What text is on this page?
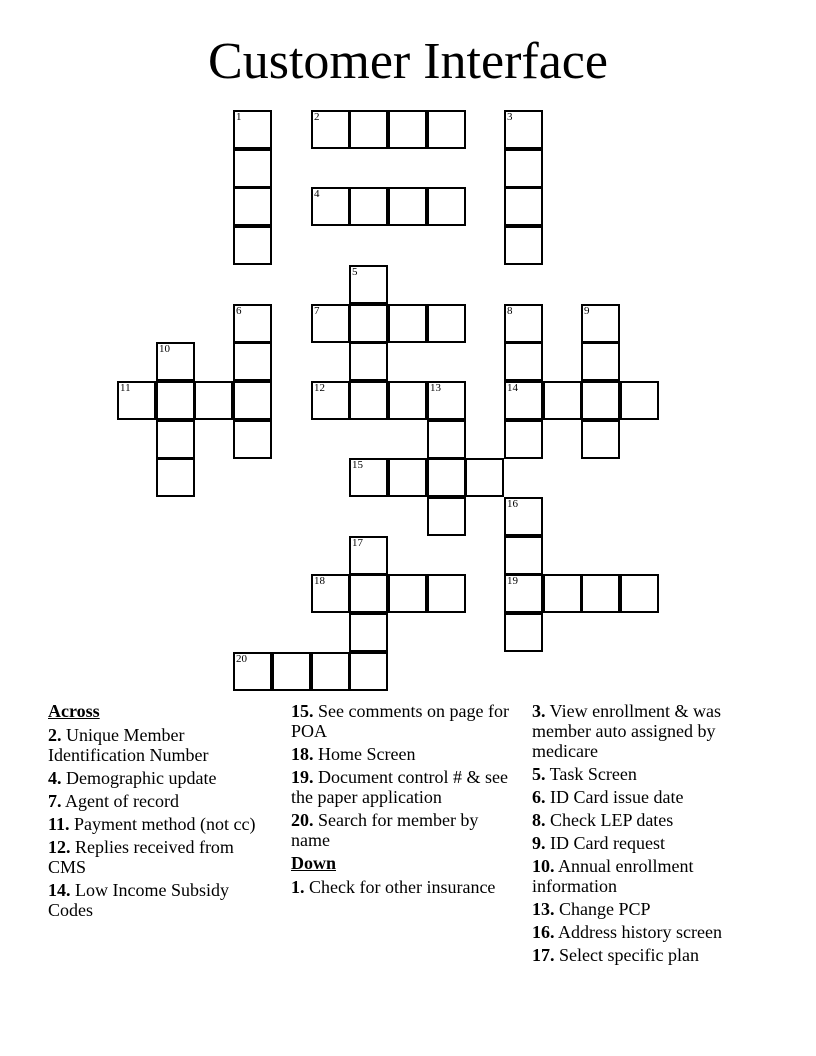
Customer Interface
1	2	3
4
5
6	7	8	9
10
11	12	13	14
15
16
17
18	19
20
Across
2. Unique Member Identification Number
4. Demographic update
7. Agent of record
11. Payment method (not cc)
12. Replies received from CMS
14. Low Income Subsidy Codes
15. See comments on page for POA
18. Home Screen
19. Document control # & see the paper application
20. Search for member by name
Down
1. Check for other insurance
3. View enrollment & was member auto assigned by medicare
5. Task Screen
6. ID Card issue date
8. Check LEP dates
9. ID Card request
10. Annual enrollment information
13. Change PCP
16. Address history screen
17. Select specific plan
